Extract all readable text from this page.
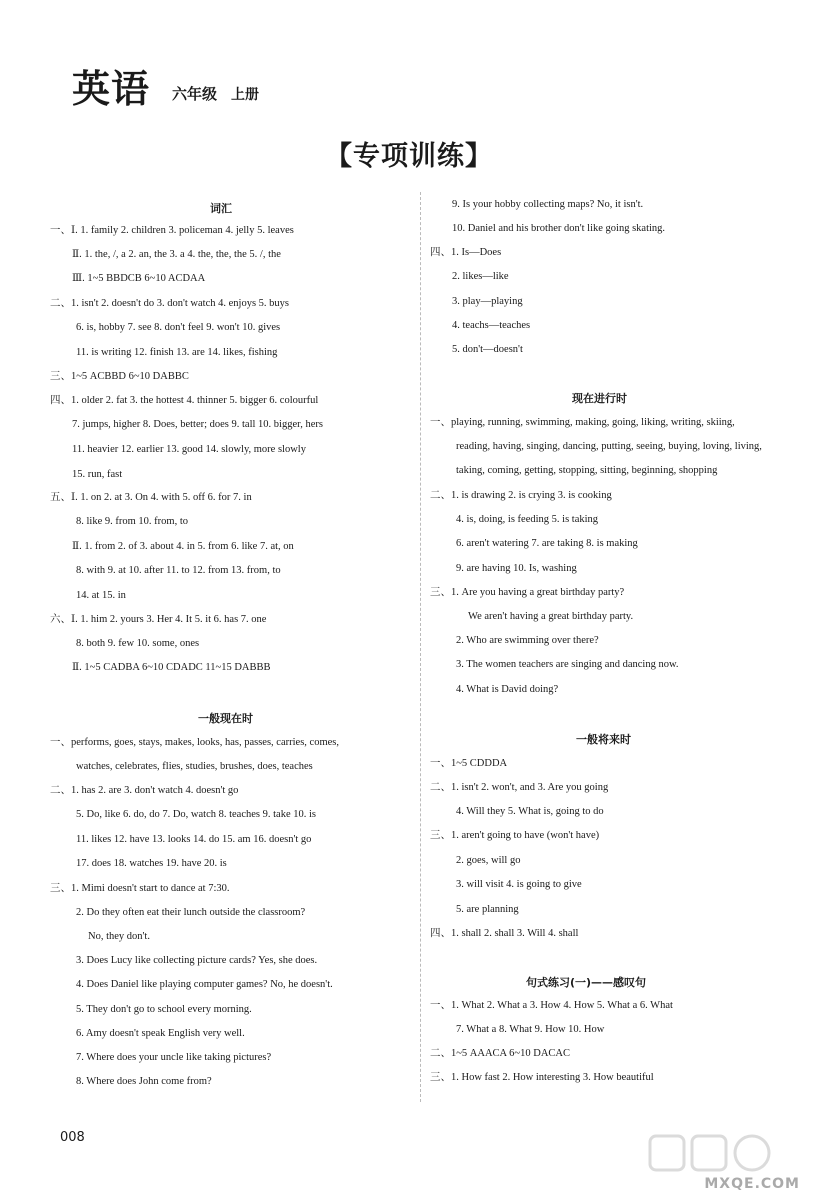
英语 六年级 上册
【专项训练】
词汇
一、Ⅰ. 1. family 2. children 3. policeman 4. jelly 5. leaves
Ⅱ. 1. the, /, a 2. an, the 3. a 4. the, the, the 5. /, the
Ⅲ. 1~5 BBDCB 6~10 ACDAA
二、1. isn't 2. doesn't do 3. don't watch 4. enjoys 5. buys
6. is, hobby 7. see 8. don't feel 9. won't 10. gives
11. is writing 12. finish 13. are 14. likes, fishing
三、1~5 ACBBD 6~10 DABBC
四、1. older 2. fat 3. the hottest 4. thinner 5. bigger 6. colourful
7. jumps, higher 8. Does, better; does 9. tall 10. bigger, hers
11. heavier 12. earlier 13. good 14. slowly, more slowly
15. run, fast
五、Ⅰ. 1. on 2. at 3. On 4. with 5. off 6. for 7. in
8. like 9. from 10. from, to
Ⅱ. 1. from 2. of 3. about 4. in 5. from 6. like 7. at, on
8. with 9. at 10. after 11. to 12. from 13. from, to
14. at 15. in
六、Ⅰ. 1. him 2. yours 3. Her 4. It 5. it 6. has 7. one
8. both 9. few 10. some, ones
Ⅱ. 1~5 CADBA 6~10 CDADC 11~15 DABBB
一般现在时
一、performs, goes, stays, makes, looks, has, passes, carries, comes,
watches, celebrates, flies, studies, brushes, does, teaches
二、1. has 2. are 3. don't watch 4. doesn't go
5. Do, like 6. do, do 7. Do, watch 8. teaches 9. take 10. is
11. likes 12. have 13. looks 14. do 15. am 16. doesn't go
17. does 18. watches 19. have 20. is
三、1. Mimi doesn't start to dance at 7:30.
2. Do they often eat their lunch outside the classroom?
No, they don't.
3. Does Lucy like collecting picture cards? Yes, she does.
4. Does Daniel like playing computer games? No, he doesn't.
5. They don't go to school every morning.
6. Amy doesn't speak English very well.
7. Where does your uncle like taking pictures?
8. Where does John come from?
9. Is your hobby collecting maps? No, it isn't.
10. Daniel and his brother don't like going skating.
四、1. Is—Does
2. likes—like
3. play—playing
4. teachs—teaches
5. don't—doesn't
现在进行时
一、playing, running, swimming, making, going, liking, writing, skiing,
reading, having, singing, dancing, putting, seeing, buying, loving, living,
taking, coming, getting, stopping, sitting, beginning, shopping
二、1. is drawing 2. is crying 3. is cooking
4. is, doing, is feeding 5. is taking
6. aren't watering 7. are taking 8. is making
9. are having 10. Is, washing
三、1. Are you having a great birthday party?
We aren't having a great birthday party.
2. Who are swimming over there?
3. The women teachers are singing and dancing now.
4. What is David doing?
一般将来时
一、1~5 CDDDA
二、1. isn't 2. won't, and 3. Are you going
4. Will they 5. What is, going to do
三、1. aren't going to have (won't have)
2. goes, will go
3. will visit 4. is going to give
5. are planning
四、1. shall 2. shall 3. Will 4. shall
句式练习(一)——感叹句
一、1. What 2. What a 3. How 4. How 5. What a 6. What
7. What a 8. What 9. How 10. How
二、1~5 AAACA 6~10 DACAC
三、1. How fast 2. How interesting 3. How beautiful
008
MXQE.COM
